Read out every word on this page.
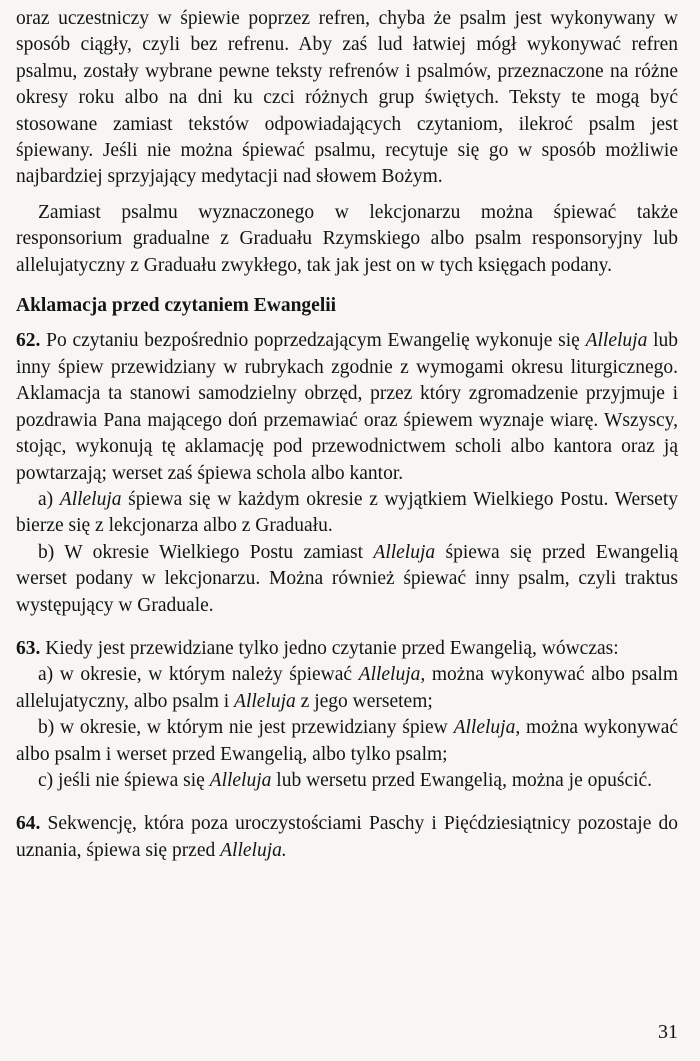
oraz uczestniczy w śpiewie poprzez refren, chyba że psalm jest wykonywany w sposób ciągły, czyli bez refrenu. Aby zaś lud łatwiej mógł wykonywać refren psalmu, zostały wybrane pewne teksty refrenów i psalmów, przeznaczone na różne okresy roku albo na dni ku czci różnych grup świętych. Teksty te mogą być stosowane zamiast tekstów odpowiadających czytaniom, ilekroć psalm jest śpiewany. Jeśli nie można śpiewać psalmu, recytuje się go w sposób możliwie najbardziej sprzyjający medytacji nad słowem Bożym.

Zamiast psalmu wyznaczonego w lekcjonarzu można śpiewać także responsorium gradualne z Graduału Rzymskiego albo psalm responsoryjny lub allelujatyczny z Graduału zwykłego, tak jak jest on w tych księgach podany.

Aklamacja przed czytaniem Ewangelii

62. Po czytaniu bezpośrednio poprzedzającym Ewangelię wykonuje się Alleluja lub inny śpiew przewidziany w rubrykach zgodnie z wymogami okresu liturgicznego. Aklamacja ta stanowi samodzielny obrzęd, przez który zgromadzenie przyjmuje i pozdrawia Pana mającego doń przemawiać oraz śpiewem wyznaje wiarę. Wszyscy, stojąc, wykonują tę aklamację pod przewodnictwem scholi albo kantora oraz ją powtarzają; werset zaś śpiewa schola albo kantor.

a) Alleluja śpiewa się w każdym okresie z wyjątkiem Wielkiego Postu. Wersety bierze się z lekcjonarza albo z Graduału.

b) W okresie Wielkiego Postu zamiast Alleluja śpiewa się przed Ewangelią werset podany w lekcjonarzu. Można również śpiewać inny psalm, czyli traktus występujący w Graduale.

63. Kiedy jest przewidziane tylko jedno czytanie przed Ewangelią, wówczas:

a) w okresie, w którym należy śpiewać Alleluja, można wykonywać albo psalm allelujatyczny, albo psalm i Alleluja z jego wersetem;

b) w okresie, w którym nie jest przewidziany śpiew Alleluja, można wykonywać albo psalm i werset przed Ewangelią, albo tylko psalm;

c) jeśli nie śpiewa się Alleluja lub wersetu przed Ewangelią, można je opuścić.

64. Sekwencję, która poza uroczystościami Paschy i Pięćdziesiątnicy pozostaje do uznania, śpiewa się przed Alleluja.

31
